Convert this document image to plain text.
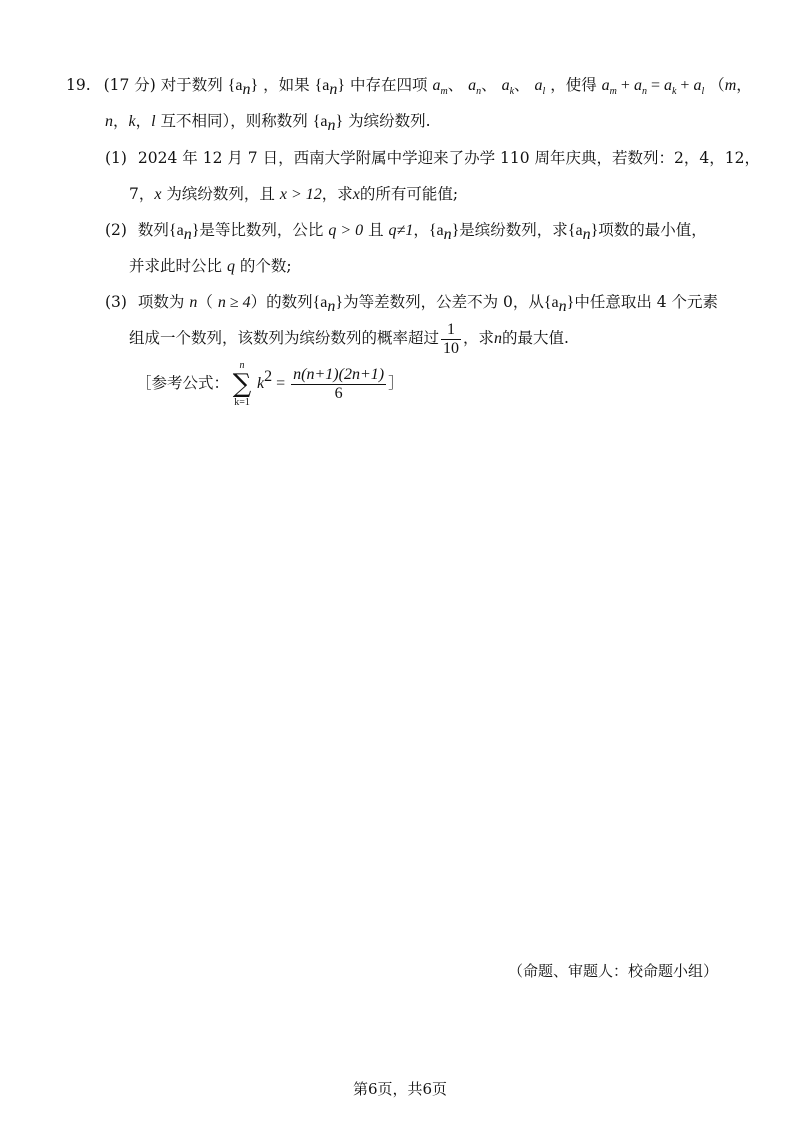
19. (17 分) 对于数列 $\{a_n\}$ ，如果 $\{a_n\}$ 中存在四项 $a_m$、 $a_n$、 $a_k$、 $a_l$ ，使得 $a_m + a_n = a_k + a_l$ （m，
n，k，l 互不相同），则称数列 $\{a_n\}$ 为缤纷数列.
(1) 2024 年 12 月 7 日，西南大学附属中学迎来了办学 110 周年庆典，若数列：2，4，12，
7，x 为缤纷数列，且 x > 12，求x的所有可能值;
(2) 数列$\{a_n\}$是等比数列，公比 q > 0 且 q≠1，$\{a_n\}$是缤纷数列，求$\{a_n\}$项数的最小值，
并求此时公比 q 的个数;
(3) 项数为 n（ n ≥ 4）的数列$\{a_n\}$为等差数列，公差不为 0，从$\{a_n\}$中任意取出 4 个元素
组成一个数列，该数列为缤纷数列的概率超过 $\frac{1}{10}$ ，求n的最大值.
［参考公式：
n
∑
k=1
$k^2 = \frac{n(n+1)(2n+1)}{6}$ ］
（命题、审题人：校命题小组）
第6页，共6页
